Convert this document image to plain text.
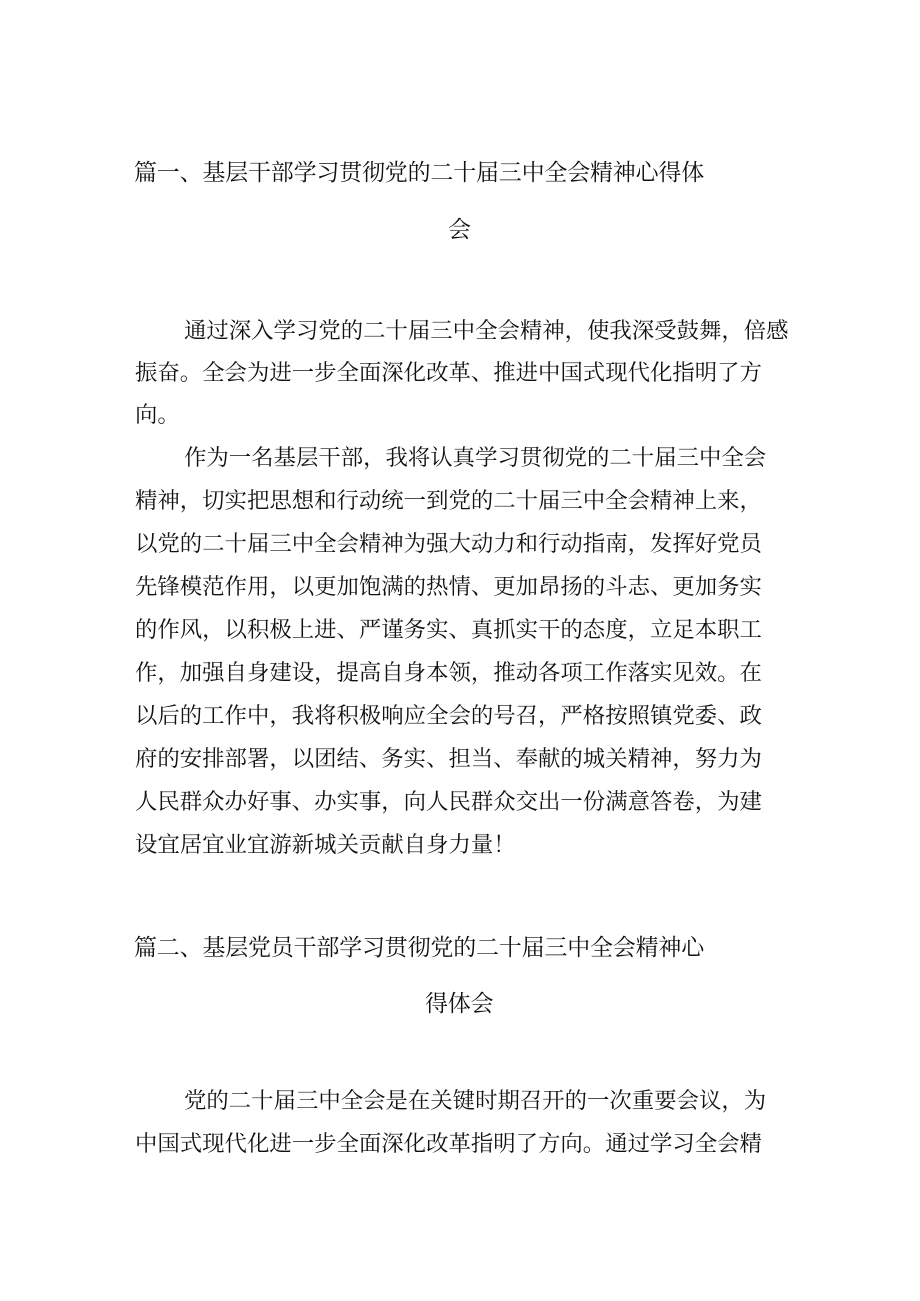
篇一、基层干部学习贯彻党的二十届三中全会精神心得体
会
通过深入学习党的二十届三中全会精神，使我深受鼓舞，倍感
振奋。全会为进一步全面深化改革、推进中国式现代化指明了方
向。
作为一名基层干部，我将认真学习贯彻党的二十届三中全会
精神，切实把思想和行动统一到党的二十届三中全会精神上来，
以党的二十届三中全会精神为强大动力和行动指南，发挥好党员
先锋模范作用，以更加饱满的热情、更加昂扬的斗志、更加务实
的作风，以积极上进、严谨务实、真抓实干的态度，立足本职工
作，加强自身建设，提高自身本领，推动各项工作落实见效。在
以后的工作中，我将积极响应全会的号召，严格按照镇党委、政
府的安排部署，以团结、务实、担当、奉献的城关精神，努力为
人民群众办好事、办实事，向人民群众交出一份满意答卷，为建
设宜居宜业宜游新城关贡献自身力量！
篇二、基层党员干部学习贯彻党的二十届三中全会精神心
得体会
党的二十届三中全会是在关键时期召开的一次重要会议，为
中国式现代化进一步全面深化改革指明了方向。通过学习全会精
